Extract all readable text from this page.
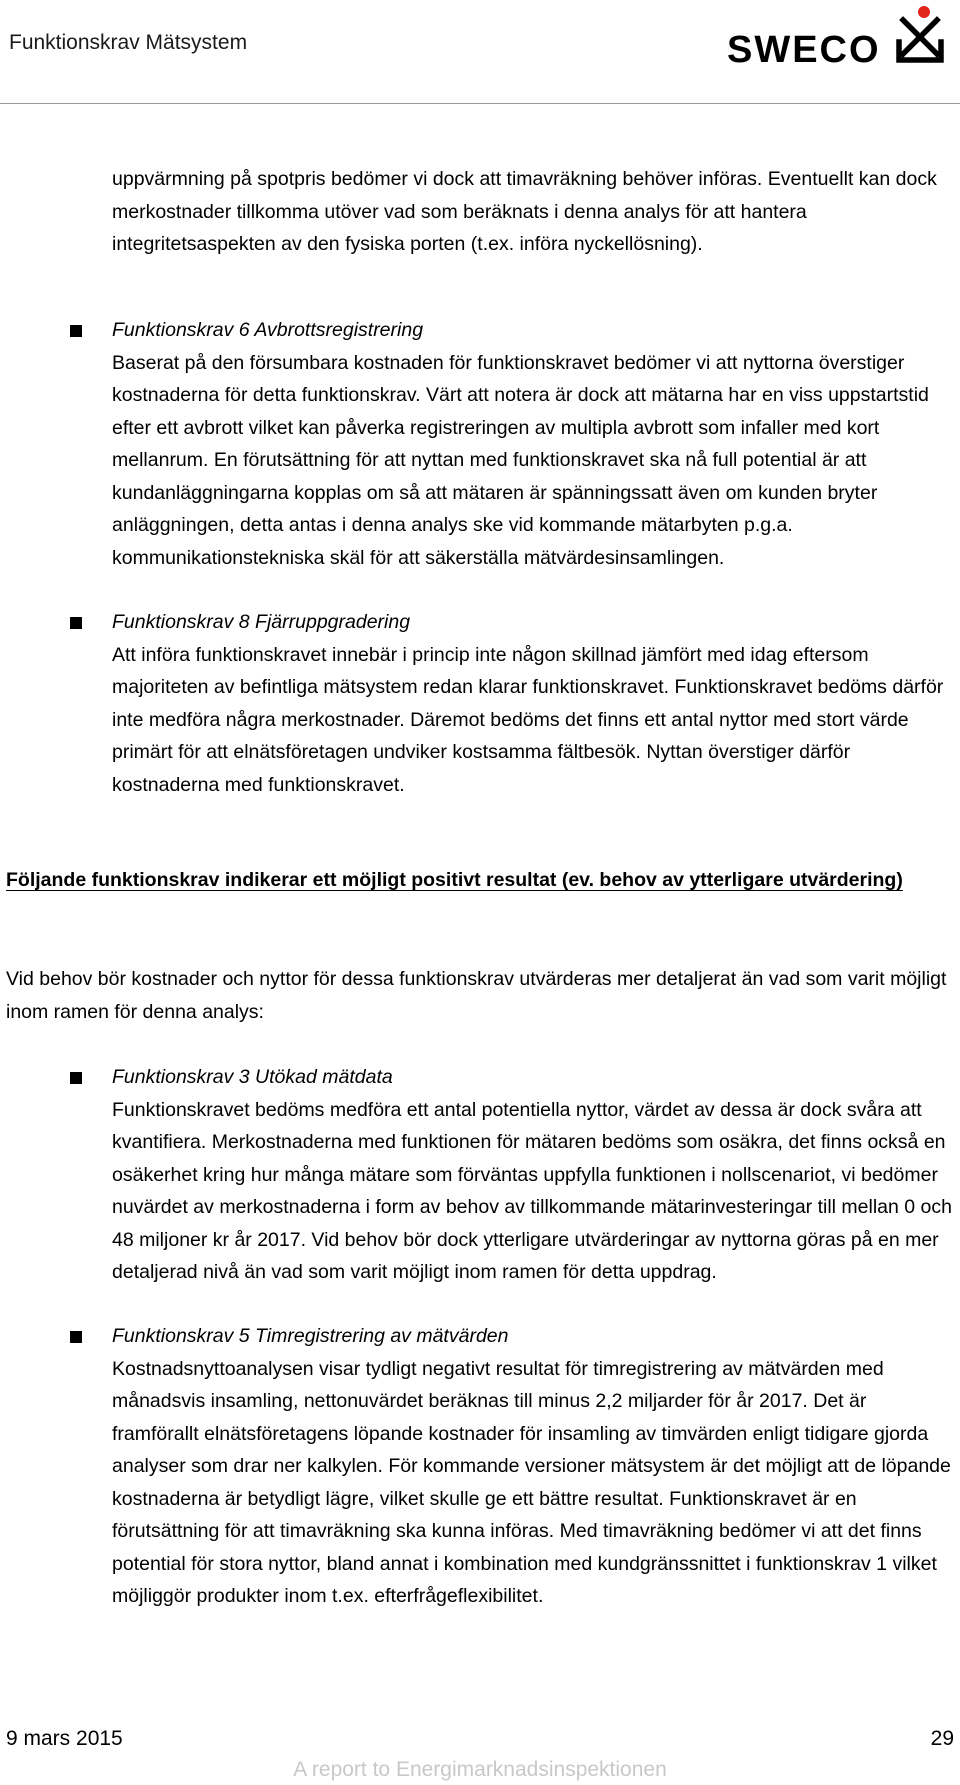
Funktionskrav Mätsystem	SWECO
uppvärmning på spotpris bedömer vi dock att timavräkning behöver införas. Eventuellt kan dock merkostnader tillkomma utöver vad som beräknats i denna analys för att hantera integritetsaspekten av den fysiska porten (t.ex. införa nyckellösning).
Funktionskrav 6 Avbrottsregistrering
Baserat på den försumbara kostnaden för funktionskravet bedömer vi att nyttorna överstiger kostnaderna för detta funktionskrav. Värt att notera är dock att mätarna har en viss uppstartstid efter ett avbrott vilket kan påverka registreringen av multipla avbrott som infaller med kort mellanrum. En förutsättning för att nyttan med funktionskravet ska nå full potential är att kundanläggningarna kopplas om så att mätaren är spänningssatt även om kunden bryter anläggningen, detta antas i denna analys ske vid kommande mätarbyten p.g.a. kommunikationstekniska skäl för att säkerställa mätvärdesinsamlingen.
Funktionskrav 8 Fjärruppgradering
Att införa funktionskravet innebär i princip inte någon skillnad jämfört med idag eftersom majoriteten av befintliga mätsystem redan klarar funktionskravet. Funktionskravet bedöms därför inte medföra några merkostnader. Däremot bedöms det finns ett antal nyttor med stort värde primärt för att elnätsföretagen undviker kostsamma fältbesök. Nyttan överstiger därför kostnaderna med funktionskravet.
Följande funktionskrav indikerar ett möjligt positivt resultat (ev. behov av ytterligare utvärdering)
Vid behov bör kostnader och nyttor för dessa funktionskrav utvärderas mer detaljerat än vad som varit möjligt inom ramen för denna analys:
Funktionskrav 3 Utökad mätdata
Funktionskravet bedöms medföra ett antal potentiella nyttor, värdet av dessa är dock svåra att kvantifiera. Merkostnaderna med funktionen för mätaren bedöms som osäkra, det finns också en osäkerhet kring hur många mätare som förväntas uppfylla funktionen i nollscenariot, vi bedömer nuvärdet av merkostnaderna i form av behov av tillkommande mätarinvesteringar till mellan 0 och 48 miljoner kr år 2017. Vid behov bör dock ytterligare utvärderingar av nyttorna göras på en mer detaljerad nivå än vad som varit möjligt inom ramen för detta uppdrag.
Funktionskrav 5 Timregistrering av mätvärden
Kostnadsnyttoanalysen visar tydligt negativt resultat för timregistrering av mätvärden med månadsvis insamling, nettonuvärdet beräknas till minus 2,2 miljarder för år 2017. Det är framförallt elnätsföretagens löpande kostnader för insamling av timvärden enligt tidigare gjorda analyser som drar ner kalkylen. För kommande versioner mätsystem är det möjligt att de löpande kostnaderna är betydligt lägre, vilket skulle ge ett bättre resultat. Funktionskravet är en förutsättning för att timavräkning ska kunna införas. Med timavräkning bedömer vi att det finns potential för stora nyttor, bland annat i kombination med kundgränssnittet i funktionskrav 1 vilket möjliggör produkter inom t.ex. efterfrågeflexibilitet.
9 mars 2015	29
A report to Energimarknadsinspektionen
